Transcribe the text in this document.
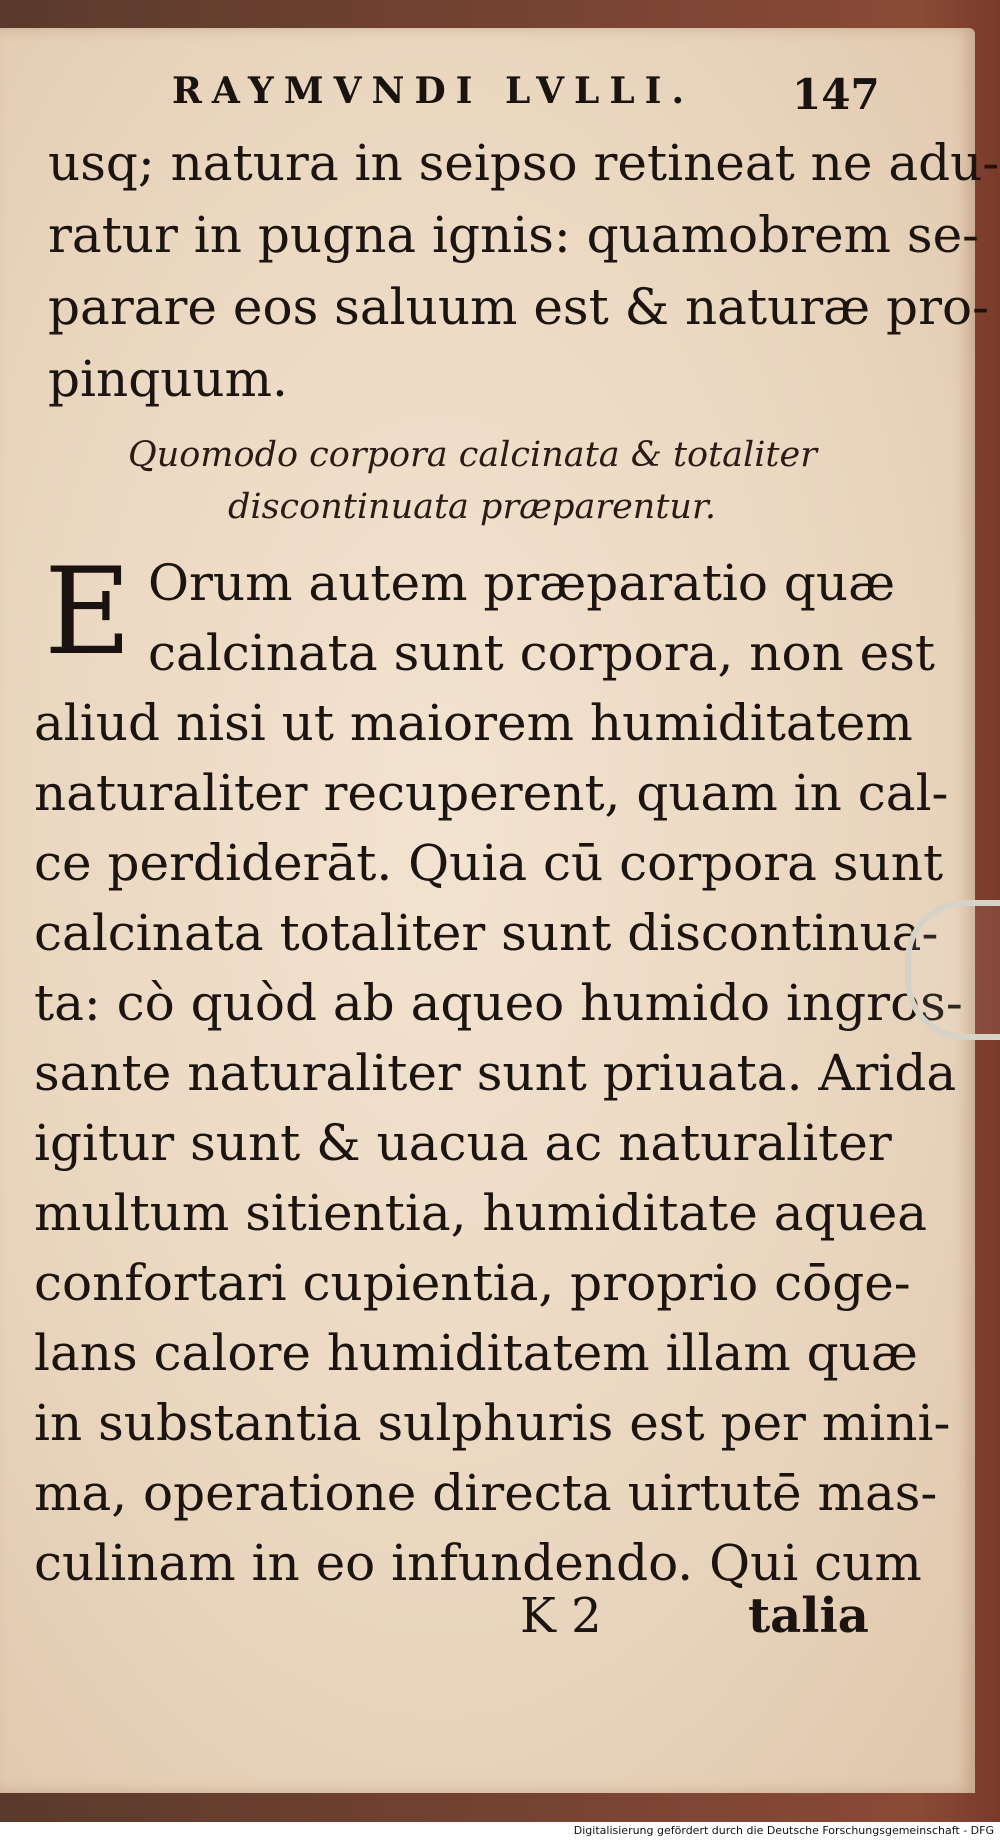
RAYMVNDI LVLLI. 147
usq; natura in seipso retineat ne adu-
ratur in pugna ignis: quamobrem se-
parare eos saluum est & naturæ pro-
pinquum.
Quomodo corpora calcinata & totaliter
discontinuata præparentur.
E Orum autem præparatio quæ
calcinata sunt corpora, non est
aliud nisi ut maiorem humiditatem
naturaliter recuperent, quam in cal-
ce perdiderāt. Quia cū corpora sunt
calcinata totaliter sunt discontinua-
ta: cò quòd ab aqueo humido ingros-
sante naturaliter sunt priuata. Arida
igitur sunt & uacua ac naturaliter
multum sitientia, humiditate aquea
confortari cupientia, proprio cōge-
lans calore humiditatem illam quæ
in substantia sulphuris est per mini-
ma, operatione directa uirtutē mas-
culinam in eo infundendo. Qui cum
K 2	talia
Digitalisierung gefördert durch die Deutsche Forschungsgemeinschaft - DFG
